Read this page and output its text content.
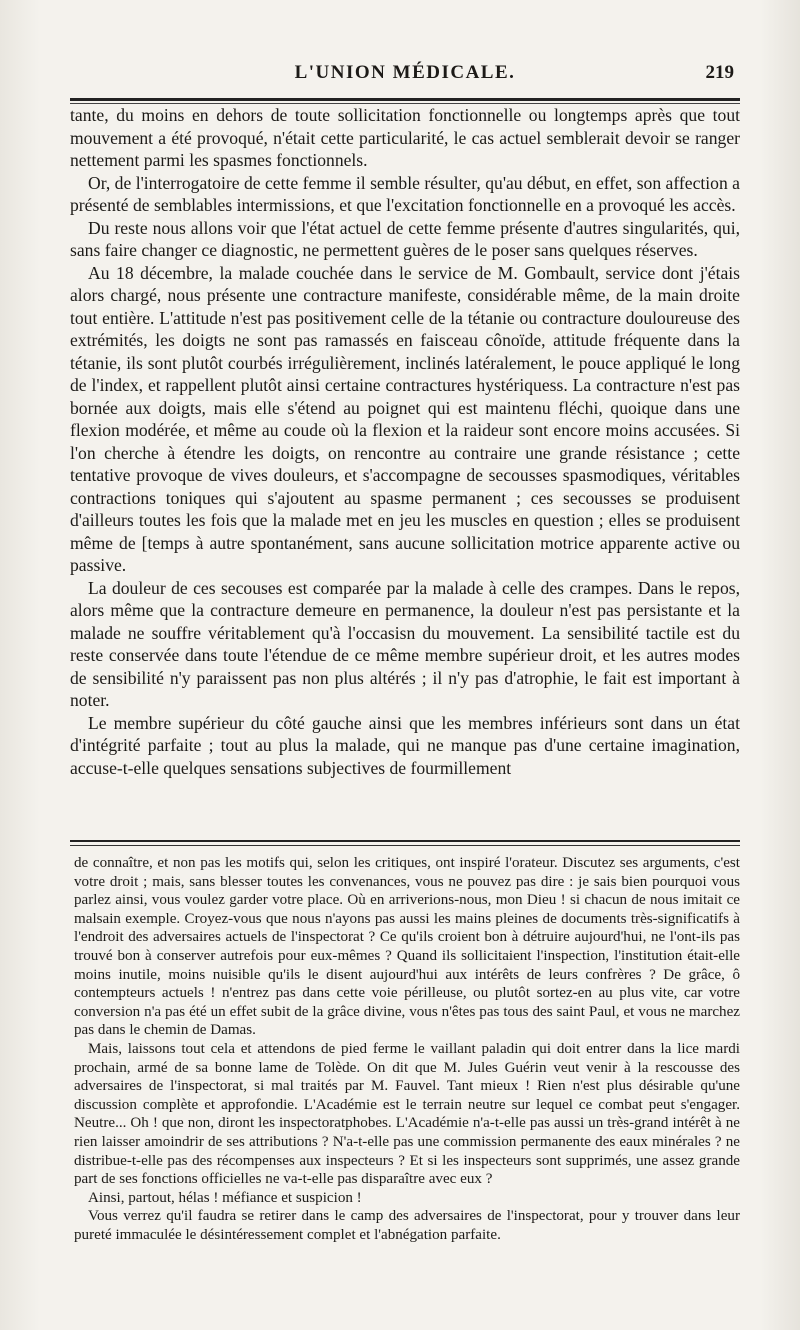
L'UNION MÉDICALE.	219

tante, du moins en dehors de toute sollicitation fonctionnelle ou longtemps après que tout mouvement a été provoqué, n'était cette particularité, le cas actuel semblerait devoir se ranger nettement parmi les spasmes fonctionnels.

Or, de l'interrogatoire de cette femme il semble résulter, qu'au début, en effet, son affection a présenté de semblables intermissions, et que l'excitation fonctionnelle en a provoqué les accès.

Du reste nous allons voir que l'état actuel de cette femme présente d'autres singularités, qui, sans faire changer ce diagnostic, ne permettent guères de le poser sans quelques réserves.

Au 18 décembre, la malade couchée dans le service de M. Gombault, service dont j'étais alors chargé, nous présente une contracture manifeste, considérable même, de la main droite tout entière. L'attitude n'est pas positivement celle de la tétanie ou contracture douloureuse des extrémités, les doigts ne sont pas ramassés en faisceau cônoïde, attitude fréquente dans la tétanie, ils sont plutôt courbés irrégulièrement, inclinés latéralement, le pouce appliqué le long de l'index, et rappellent plutôt ainsi certaine contractures hystériquess. La contracture n'est pas bornée aux doigts, mais elle s'étend au poignet qui est maintenu fléchi, quoique dans une flexion modérée, et même au coude où la flexion et la raideur sont encore moins accusées. Si l'on cherche à étendre les doigts, on rencontre au contraire une grande résistance ; cette tentative provoque de vives douleurs, et s'accompagne de secousses spasmodiques, véritables contractions toniques qui s'ajoutent au spasme permanent ; ces secousses se produisent d'ailleurs toutes les fois que la malade met en jeu les muscles en question ; elles se produisent même de [temps à autre spontanément, sans aucune sollicitation motrice apparente active ou passive.

La douleur de ces secouses est comparée par la malade à celle des crampes. Dans le repos, alors même que la contracture demeure en permanence, la douleur n'est pas persistante et la malade ne souffre véritablement qu'à l'occasisn du mouvement. La sensibilité tactile est du reste conservée dans toute l'étendue de ce même membre supérieur droit, et les autres modes de sensibilité n'y paraissent pas non plus altérés ; il n'y pas d'atrophie, le fait est important à noter.

Le membre supérieur du côté gauche ainsi que les membres inférieurs sont dans un état d'intégrité parfaite ; tout au plus la malade, qui ne manque pas d'une certaine imagination, accuse-t-elle quelques sensations subjectives de fourmillement

de connaître, et non pas les motifs qui, selon les critiques, ont inspiré l'orateur. Discutez ses arguments, c'est votre droit ; mais, sans blesser toutes les convenances, vous ne pouvez pas dire : je sais bien pourquoi vous parlez ainsi, vous voulez garder votre place. Où en arriverions-nous, mon Dieu ! si chacun de nous imitait ce malsain exemple. Croyez-vous que nous n'ayons pas aussi les mains pleines de documents très-significatifs à l'endroit des adversaires actuels de l'inspectorat ? Ce qu'ils croient bon à détruire aujourd'hui, ne l'ont-ils pas trouvé bon à conserver autrefois pour eux-mêmes ? Quand ils sollicitaient l'inspection, l'institution était-elle moins inutile, moins nuisible qu'ils le disent aujourd'hui aux intérêts de leurs confrères ? De grâce, ô contempteurs actuels ! n'entrez pas dans cette voie périlleuse, ou plutôt sortez-en au plus vite, car votre conversion n'a pas été un effet subit de la grâce divine, vous n'êtes pas tous des saint Paul, et vous ne marchez pas dans le chemin de Damas.

Mais, laissons tout cela et attendons de pied ferme le vaillant paladin qui doit entrer dans la lice mardi prochain, armé de sa bonne lame de Tolède. On dit que M. Jules Guérin veut venir à la rescousse des adversaires de l'inspectorat, si mal traités par M. Fauvel. Tant mieux ! Rien n'est plus désirable qu'une discussion complète et approfondie. L'Académie est le terrain neutre sur lequel ce combat peut s'engager. Neutre... Oh ! que non, diront les inspectoratphobes. L'Académie n'a-t-elle pas aussi un très-grand intérêt à ne rien laisser amoindrir de ses attributions ? N'a-t-elle pas une commission permanente des eaux minérales ? ne distribue-t-elle pas des récompenses aux inspecteurs ? Et si les inspecteurs sont supprimés, une assez grande part de ses fonctions officielles ne va-t-elle pas disparaître avec eux ?

Ainsi, partout, hélas ! méfiance et suspicion !

Vous verrez qu'il faudra se retirer dans le camp des adversaires de l'inspectorat, pour y trouver dans leur pureté immaculée le désintéressement complet et l'abnégation parfaite.
